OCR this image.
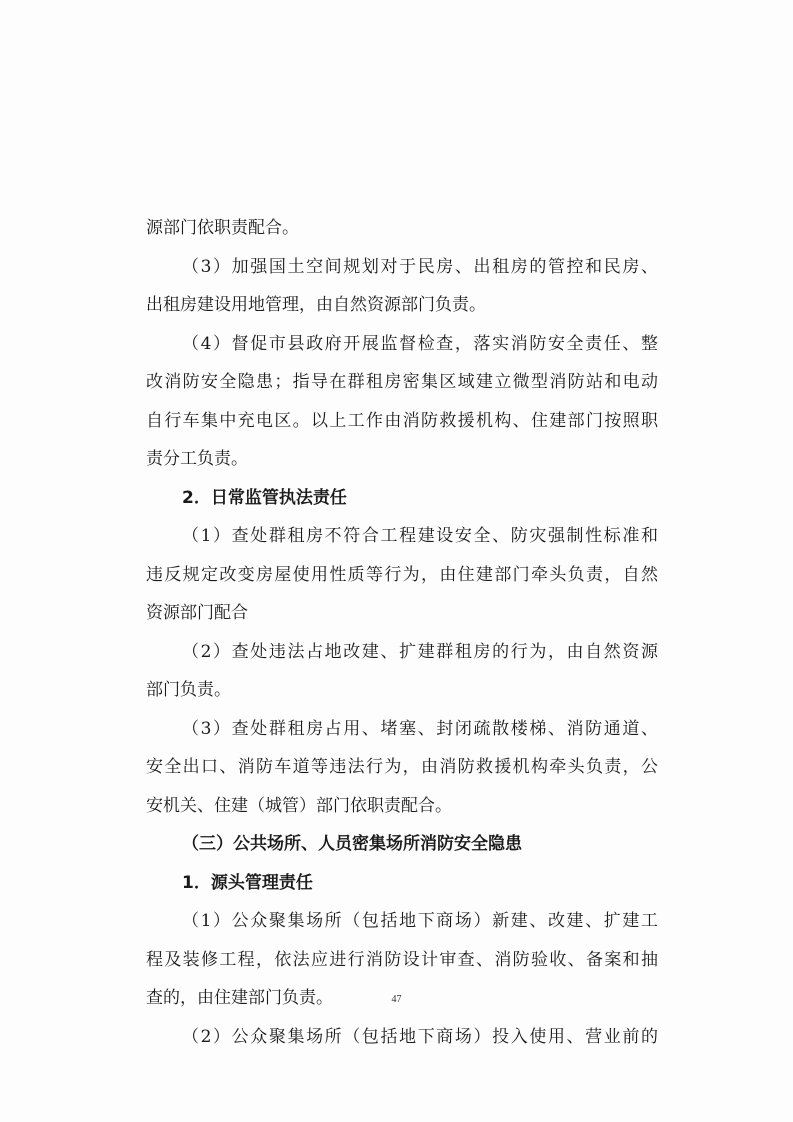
源部门依职责配合。
（3）加强国土空间规划对于民房、出租房的管控和民房、
出租房建设用地管理，由自然资源部门负责。
（4）督促市县政府开展监督检查，落实消防安全责任、整
改消防安全隐患；指导在群租房密集区域建立微型消防站和电动
自行车集中充电区。以上工作由消防救援机构、住建部门按照职
责分工负责。
2．日常监管执法责任
（1）查处群租房不符合工程建设安全、防灾强制性标准和
违反规定改变房屋使用性质等行为，由住建部门牵头负责，自然
资源部门配合
（2）查处违法占地改建、扩建群租房的行为，由自然资源
部门负责。
（3）查处群租房占用、堵塞、封闭疏散楼梯、消防通道、
安全出口、消防车道等违法行为，由消防救援机构牵头负责，公
安机关、住建（城管）部门依职责配合。
（三）公共场所、人员密集场所消防安全隐患
1．源头管理责任
（1）公众聚集场所（包括地下商场）新建、改建、扩建工
程及装修工程，依法应进行消防设计审查、消防验收、备案和抽
查的，由住建部门负责。
（2）公众聚集场所（包括地下商场）投入使用、营业前的
47
